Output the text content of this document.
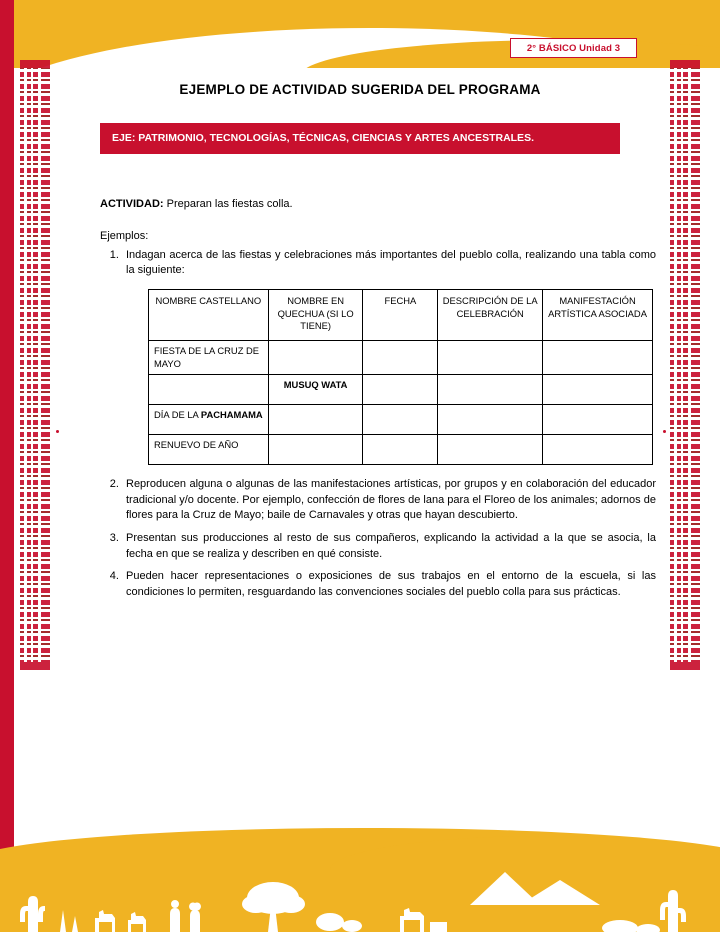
2° BÁSICO Unidad 3
EJEMPLO DE ACTIVIDAD SUGERIDA DEL PROGRAMA
EJE: PATRIMONIO, TECNOLOGÍAS, TÉCNICAS, CIENCIAS Y ARTES ANCESTRALES.
ACTIVIDAD: Preparan las fiestas colla.
Ejemplos:
1. Indagan acerca de las fiestas y celebraciones más importantes del pueblo colla, realizando una tabla como la siguiente:
NOMBRE CASTELLANO	NOMBRE EN QUECHUA (SI LO TIENE)	FECHA	DESCRIPCIÓN DE LA CELEBRACIÓN	MANIFESTACIÓN ARTÍSTICA ASOCIADA
FIESTA DE LA CRUZ DE MAYO				
	MUSUQ WATA			
DÍA DE LA PACHAMAMA				
RENUEVO DE AÑO				
2. Reproducen alguna o algunas de las manifestaciones artísticas, por grupos y en colaboración del educador tradicional y/o docente. Por ejemplo, confección de flores de lana para el Floreo de los animales; adornos de flores para la Cruz de Mayo; baile de Carnavales y otras que hayan descubierto.
3. Presentan sus producciones al resto de sus compañeros, explicando la actividad a la que se asocia, la fecha en que se realiza y describen en qué consiste.
4. Pueden hacer representaciones o exposiciones de sus trabajos en el entorno de la escuela, si las condiciones lo permiten, resguardando las convenciones sociales del pueblo colla para sus prácticas.
